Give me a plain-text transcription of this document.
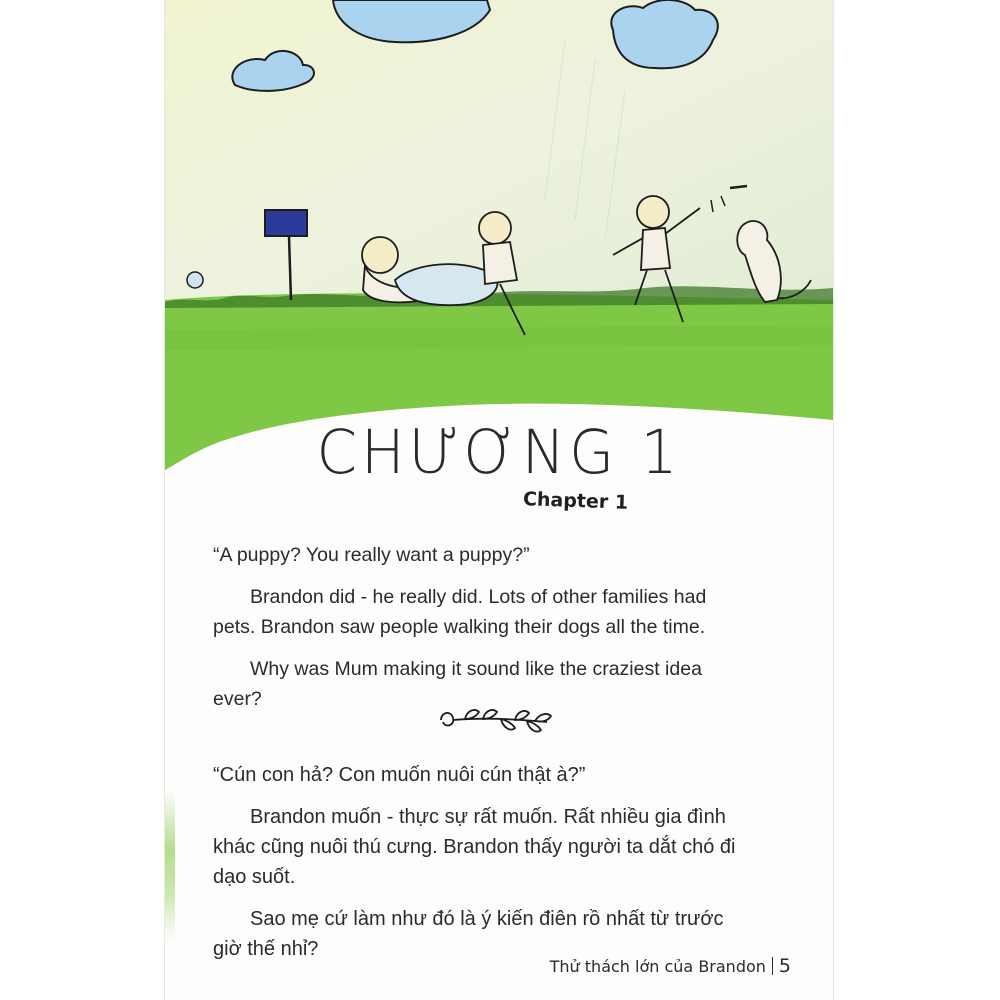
CHƯƠNG 1
Chapter 1

“A puppy? You really want a puppy?”

Brandon did - he really did. Lots of other families had pets. Brandon saw people walking their dogs all the time.

Why was Mum making it sound like the craziest idea ever?

“Cún con hả? Con muốn nuôi cún thật à?”

Brandon muốn - thực sự rất muốn. Rất nhiều gia đình khác cũng nuôi thú cưng. Brandon thấy người ta dắt chó đi dạo suốt.

Sao mẹ cứ làm như đó là ý kiến điên rồ nhất từ trước giờ thế nhỉ?

Thử thách lớn của Brandon 5
